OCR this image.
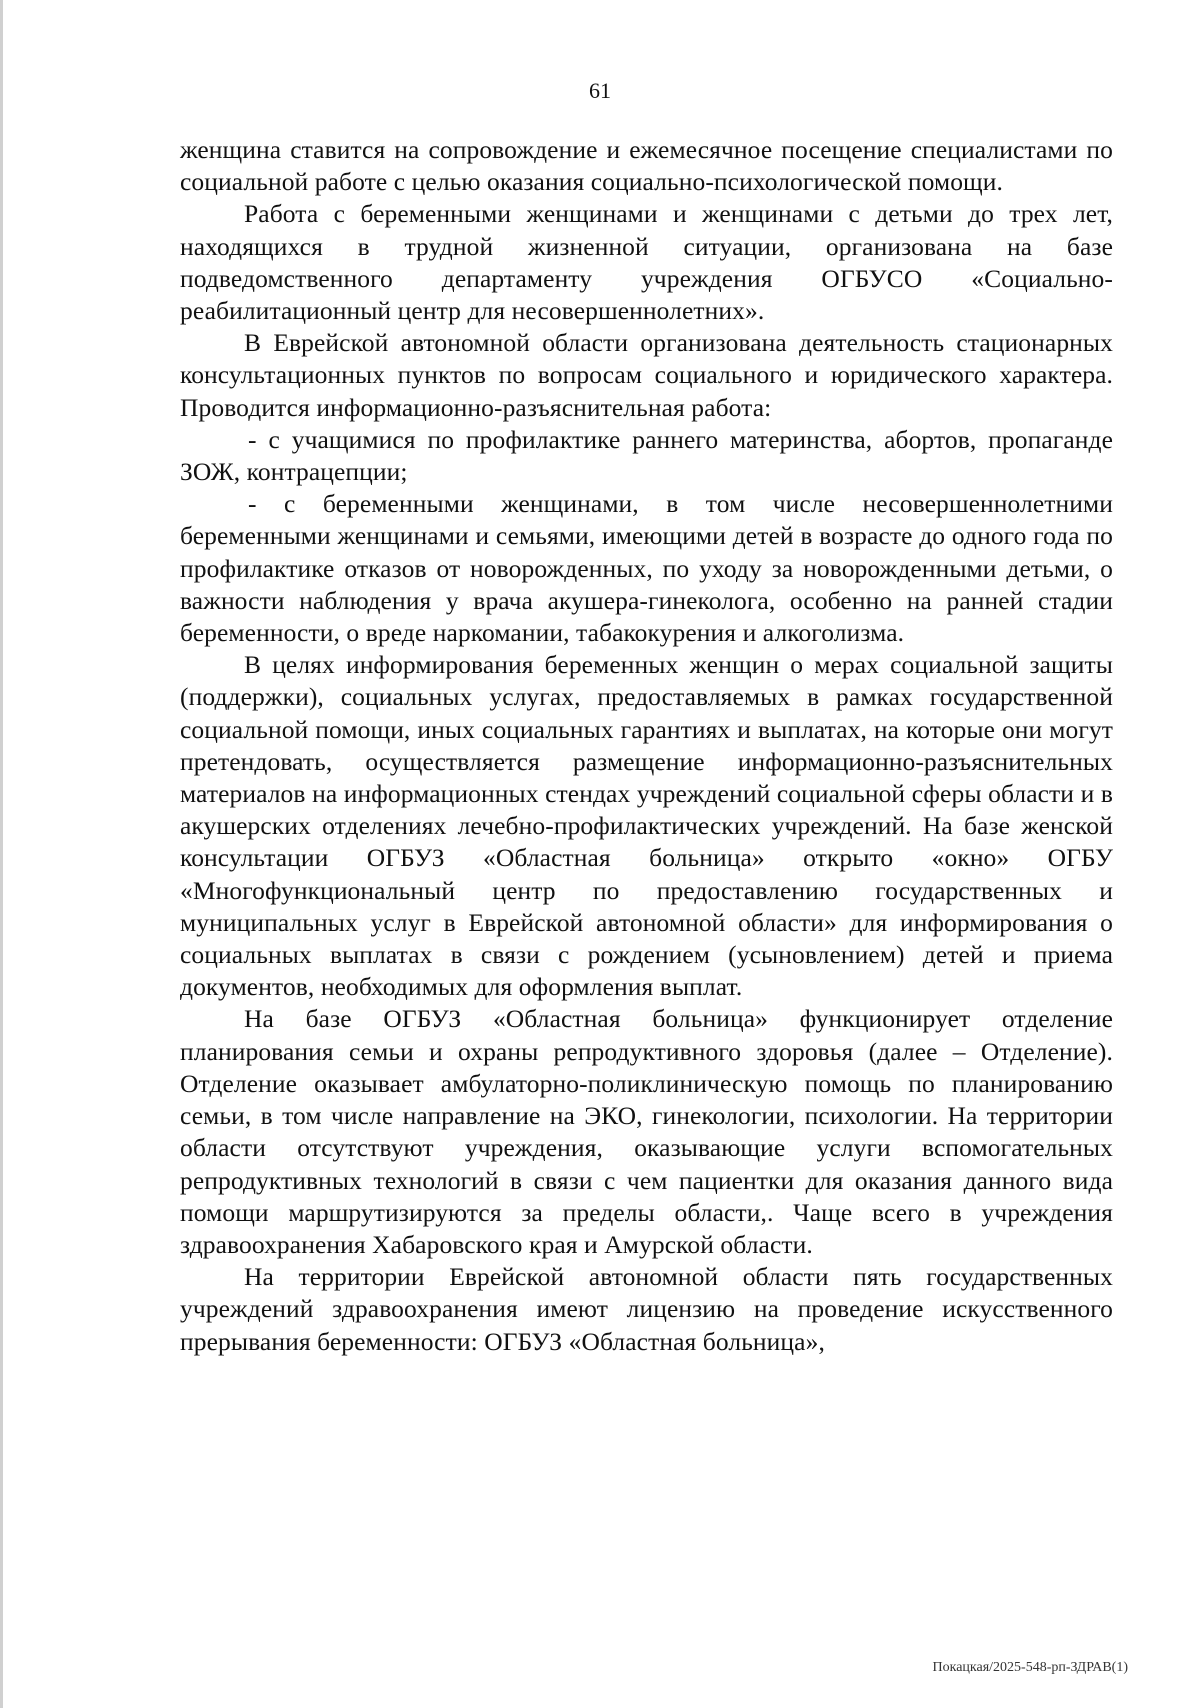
61

женщина ставится на сопровождение и ежемесячное посещение специалистами по социальной работе с целью оказания социально-психологической помощи.

Работа с беременными женщинами и женщинами с детьми до трех лет, находящихся в трудной жизненной ситуации, организована на базе подведомственного департаменту учреждения ОГБУСО «Социально-реабилитационный центр для несовершеннолетних».

В Еврейской автономной области организована деятельность стационарных консультационных пунктов по вопросам социального и юридического характера. Проводится информационно-разъяснительная работа:

- с учащимися по профилактике раннего материнства, абортов, пропаганде ЗОЖ, контрацепции;

- с беременными женщинами, в том числе несовершеннолетними беременными женщинами и семьями, имеющими детей в возрасте до одного года по профилактике отказов от новорожденных, по уходу за новорожденными детьми, о важности наблюдения у врача акушера-гинеколога, особенно на ранней стадии беременности, о вреде наркомании, табакокурения и алкоголизма.

В целях информирования беременных женщин о мерах социальной защиты (поддержки), социальных услугах, предоставляемых в рамках государственной социальной помощи, иных социальных гарантиях и выплатах, на которые они могут претендовать, осуществляется размещение информационно-разъяснительных материалов на информационных стендах учреждений социальной сферы области и в акушерских отделениях лечебно-профилактических учреждений. На базе женской консультации ОГБУЗ «Областная больница» открыто «окно» ОГБУ «Многофункциональный центр по предоставлению государственных и муниципальных услуг в Еврейской автономной области» для информирования о социальных выплатах в связи с рождением (усыновлением) детей и приема документов, необходимых для оформления выплат.

На базе ОГБУЗ «Областная больница» функционирует отделение планирования семьи и охраны репродуктивного здоровья (далее – Отделение). Отделение оказывает амбулаторно-поликлиническую помощь по планированию семьи, в том числе направление на ЭКО, гинекологии, психологии. На территории области отсутствуют учреждения, оказывающие услуги вспомогательных репродуктивных технологий в связи с чем пациентки для оказания данного вида помощи маршрутизируются за пределы области,. Чаще всего в учреждения здравоохранения Хабаровского края и Амурской области.

На территории Еврейской автономной области пять государственных учреждений здравоохранения имеют лицензию на проведение искусственного прерывания беременности: ОГБУЗ «Областная больница»,

Покацкая/2025-548-рп-ЗДРАВ(1)
